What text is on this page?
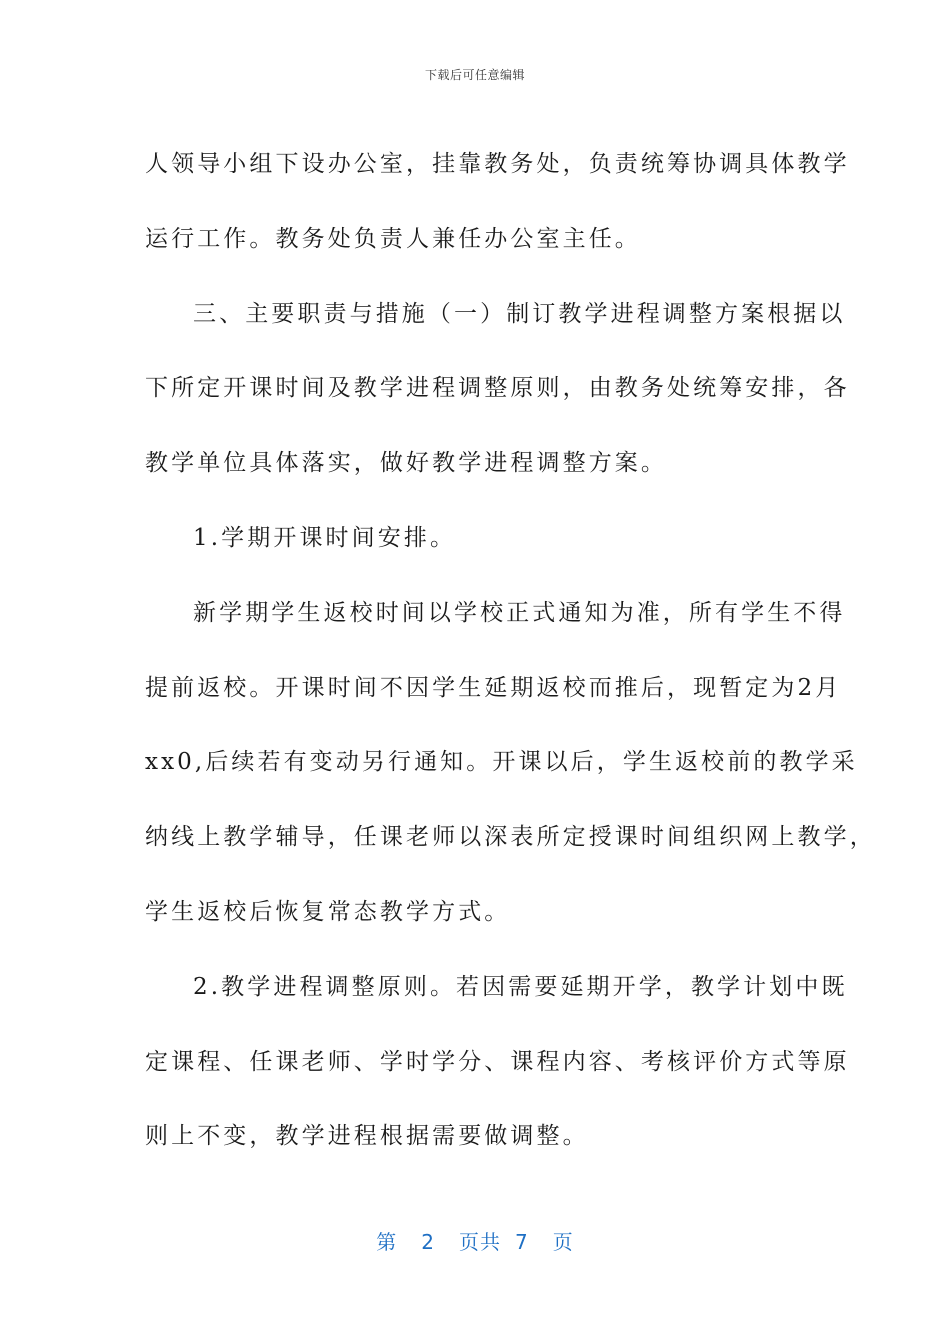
下载后可任意编辑
人领导小组下设办公室，挂靠教务处，负责统筹协调具体教学
运行工作。教务处负责人兼任办公室主任。
三、主要职责与措施（一）制订教学进程调整方案根据以
下所定开课时间及教学进程调整原则，由教务处统筹安排，各
教学单位具体落实，做好教学进程调整方案。
1.学期开课时间安排。
新学期学生返校时间以学校正式通知为准，所有学生不得
提前返校。开课时间不因学生延期返校而推后，现暂定为2月
xx0,后续若有变动另行通知。开课以后，学生返校前的教学采
纳线上教学辅导，任课老师以深表所定授课时间组织网上教学，
学生返校后恢复常态教学方式。
2.教学进程调整原则。若因需要延期开学，教学计划中既
定课程、任课老师、学时学分、课程内容、考核评价方式等原
则上不变，教学进程根据需要做调整。
第 2 页共 7 页
